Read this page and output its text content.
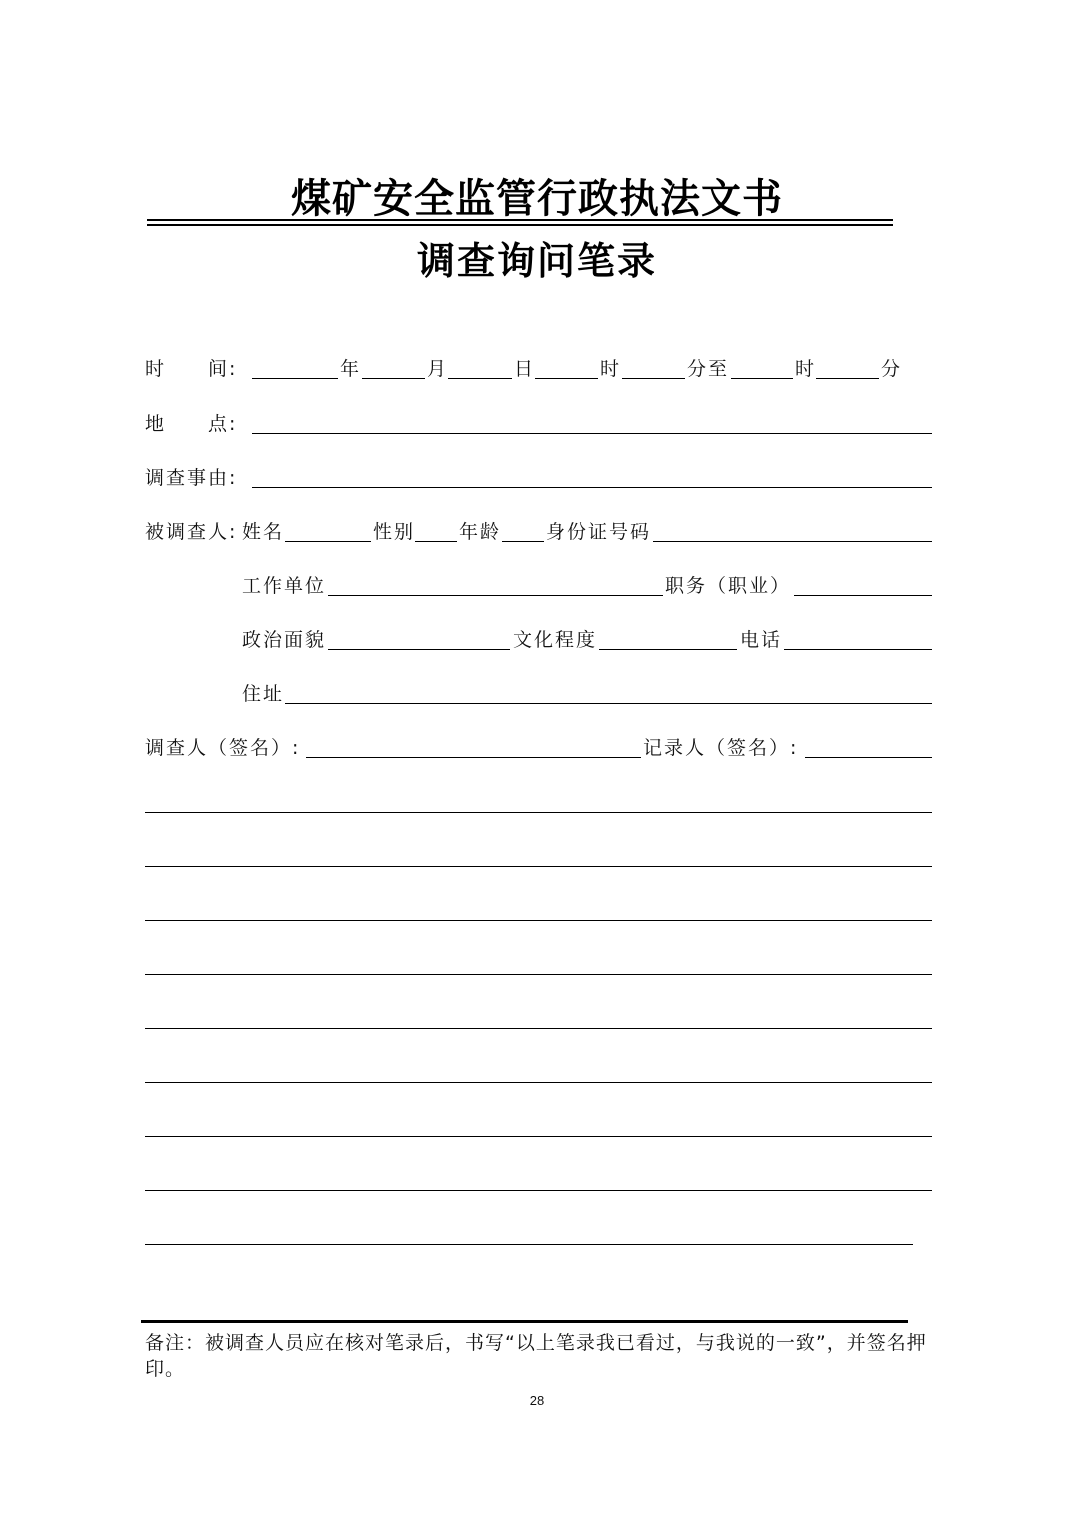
煤矿安全监管行政执法文书
调查询问笔录
时　　间:	年	月	日	时	分至	时	分
地　　点:
调查事由:
被调查人: 姓名	性别 年龄 身份证号码
工作单位	职务（职业）
政治面貌	文化程度	电话
住址
调查人（签名）:	记录人（签名）:
备注：被调查人员应在核对笔录后，书写“以上笔录我已看过，与我说的一致”，并签名押印。
28
